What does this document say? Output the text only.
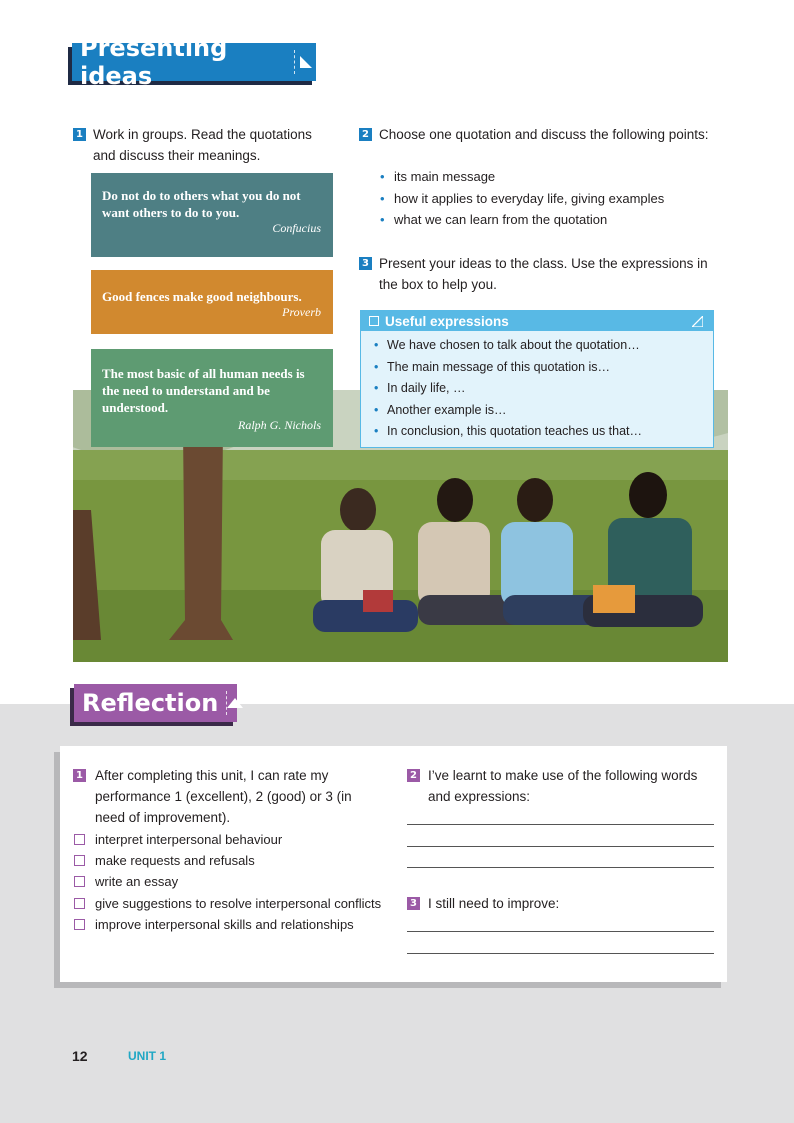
Presenting ideas
1 Work in groups. Read the quotations and discuss their meanings.
Do not do to others what you do not want others to do to you.
Confucius
Good fences make good neighbours.
Proverb
The most basic of all human needs is the need to understand and be understood.
Ralph G. Nichols
2 Choose one quotation and discuss the following points:
• its main message
• how it applies to everyday life, giving examples
• what we can learn from the quotation
3 Present your ideas to the class. Use the expressions in the box to help you.
Useful expressions
• We have chosen to talk about the quotation…
• The main message of this quotation is…
• In daily life, …
• Another example is…
• In conclusion, this quotation teaches us that…
Reflection
1 After completing this unit, I can rate my performance 1 (excellent), 2 (good) or 3 (in need of improvement).
interpret interpersonal behaviour
make requests and refusals
write an essay
give suggestions to resolve interpersonal conflicts
improve interpersonal skills and relationships
2 I’ve learnt to make use of the following words and expressions:
3 I still need to improve:
12	UNIT 1
